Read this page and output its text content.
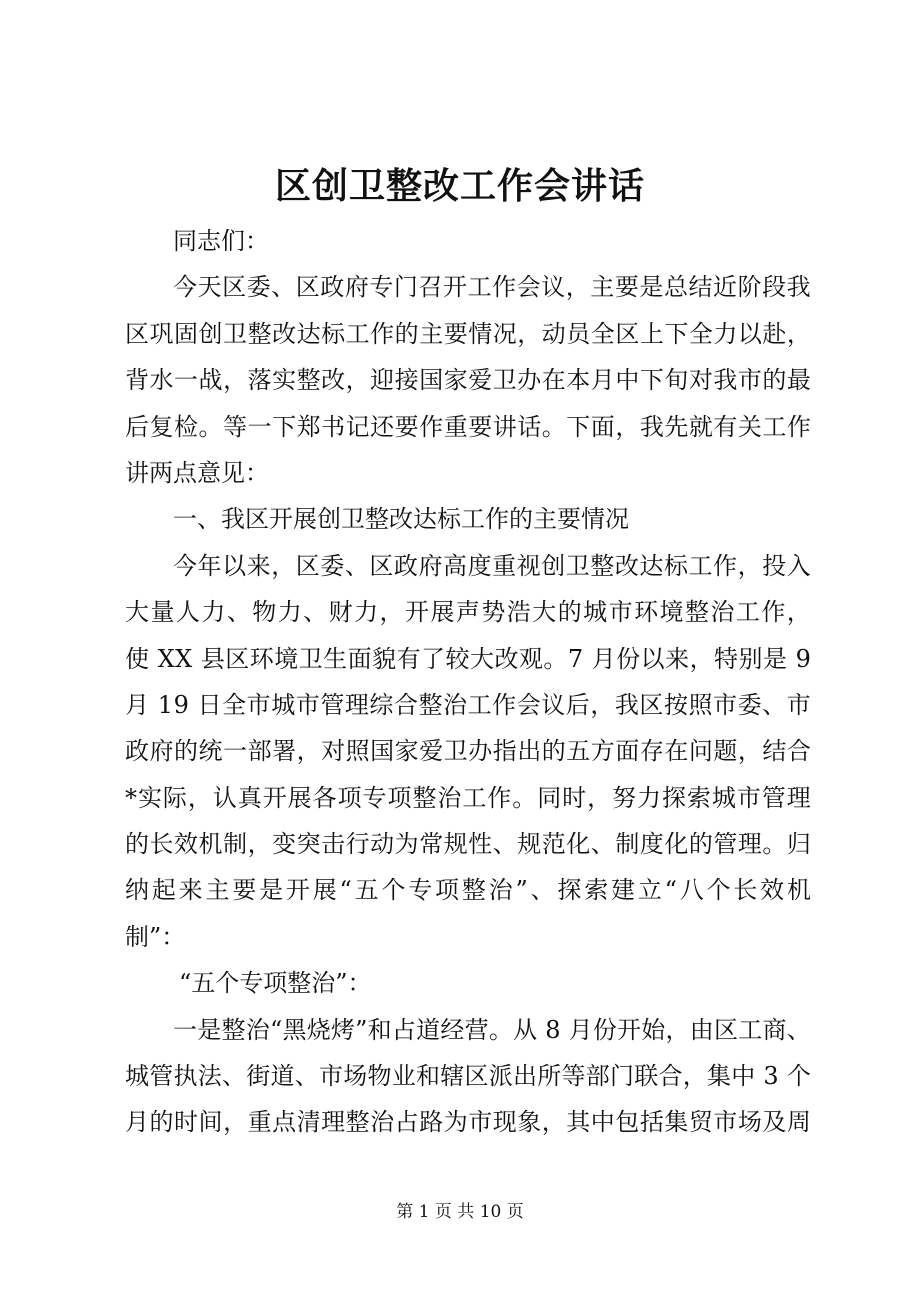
区创卫整改工作会讲话
同志们：
今 天 区 委 、 区 政 府 专 门 召 开 工 作 会 议 ， 主 要 是 总 结 近 阶 段 我
区 巩 固 创 卫 整 改 达 标 工 作 的 主 要 情 况 ， 动 员 全 区 上 下 全 力 以 赴 ，
背 水 一 战 ， 落 实 整 改 ， 迎 接 国 家 爱 卫 办 在 本 月 中 下 旬 对 我 市 的 最
后 复 检 。 等 一 下 郑 书 记 还 要 作 重 要 讲 话 。 下 面 ， 我 先 就 有 关 工 作
讲两点意见：
一、我区开展创卫整改达标工作的主要情况
今 年 以 来 ， 区 委 、 区 政 府 高 度 重 视 创 卫 整 改 达 标 工 作 ， 投 入
大 量 人 力 、 物 力 、 财 力 ， 开 展 声 势 浩 大 的 城 市 环 境 整 治 工 作 ，
使
X X
县 区 环 境 卫 生 面 貌 有 了 较 大 改 观 。 7
月 份 以 来 ， 特 别 是
9
月
1 9
日 全 市 城 市 管 理 综 合 整 治 工 作 会 议 后 ， 我 区 按 照 市 委 、 市
政 府 的 统 一 部 署 ， 对 照 国 家 爱 卫 办 指 出 的 五 方 面 存 在 问 题 ， 结 合
* 实 际 ， 认 真 开 展 各 项 专 项 整 治 工 作 。 同 时 ， 努 力 探 索 城 市 管 理
的 长 效 机 制 ， 变 突 击 行 动 为 常 规 性 、 规 范 化 、 制 度 化 的 管 理 。 归
纳 起 来 主 要 是 开 展 “ 五 个 专 项 整 治 ” 、 探 索 建 立 “ 八 个 长 效 机
制”：
“五个专项整治”：
一 是 整 治 “ 黑 烧 烤 ” 和 占 道 经 营 。 从
8
月 份 开 始 ， 由 区 工 商 、
城 管 执 法 、 街 道 、 市 场 物 业 和 辖 区 派 出 所 等 部 门 联 合 ， 集 中
3
个
月 的 时 间 ， 重 点 清 理 整 治 占 路 为 市 现 象 ， 其 中 包 括 集 贸 市 场 及 周
第 1 页 共 10 页
